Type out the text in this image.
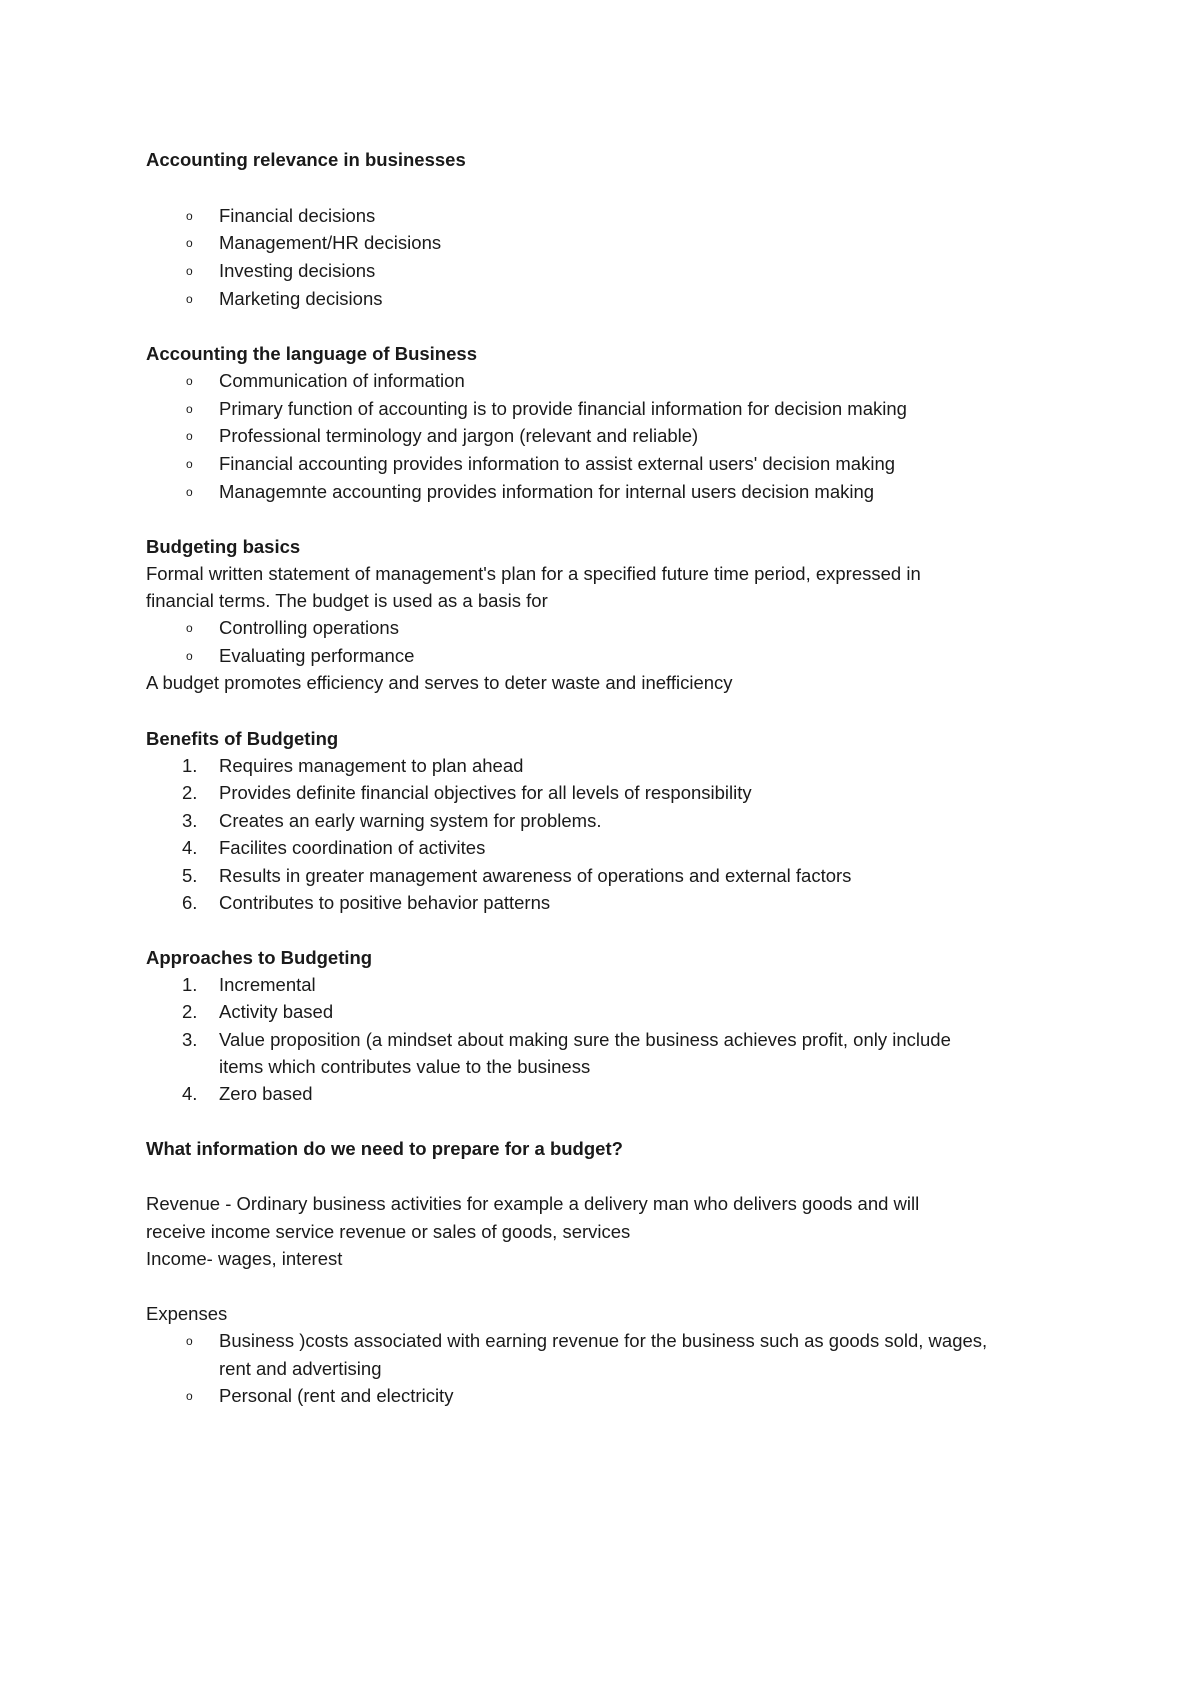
Accounting relevance in businesses
o Financial decisions
o Management/HR decisions
o Investing decisions
o Marketing decisions
Accounting the language of Business
o Communication of information
o Primary function of accounting is to provide financial information for decision making
o Professional terminology and jargon (relevant and reliable)
o Financial accounting provides information to assist external users' decision making
o Managemnte accounting provides information for internal users decision making
Budgeting basics
Formal written statement of management's plan for a specified future time period, expressed in
financial terms. The budget is used as a basis for
o Controlling operations
o Evaluating performance
A budget promotes efficiency and serves to deter waste and inefficiency
Benefits of Budgeting
1. Requires management to plan ahead
2. Provides definite financial objectives for all levels of responsibility
3. Creates an early warning system for problems.
4. Facilites coordination of activites
5. Results in greater management awareness of operations and external factors
6. Contributes to positive behavior patterns
Approaches to Budgeting
1. Incremental
2. Activity based
3. Value proposition (a mindset about making sure the business achieves profit, only include
items which contributes value to the business
4. Zero based
What information do we need to prepare for a budget?
Revenue - Ordinary business activities for example a delivery man who delivers goods and will
receive income service revenue or sales of goods, services
Income- wages, interest
Expenses
o Business )costs associated with earning revenue for the business such as goods sold, wages,
rent and advertising
o Personal (rent and electricity
